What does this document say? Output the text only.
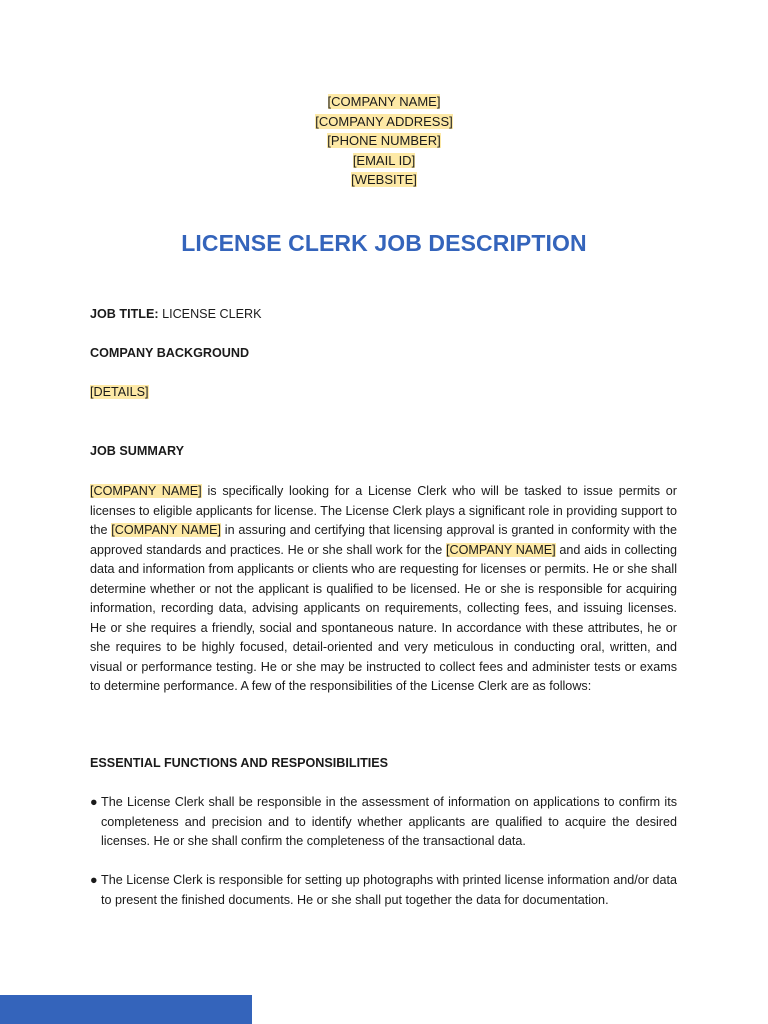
[COMPANY NAME]
[COMPANY ADDRESS]
[PHONE NUMBER]
[EMAIL ID]
[WEBSITE]
LICENSE CLERK JOB DESCRIPTION
JOB TITLE: LICENSE CLERK
COMPANY BACKGROUND
[DETAILS]
JOB SUMMARY

[COMPANY NAME] is specifically looking for a License Clerk who will be tasked to issue permits or licenses to eligible applicants for license. The License Clerk plays a significant role in providing support to the [COMPANY NAME] in assuring and certifying that licensing approval is granted in conformity with the approved standards and practices. He or she shall work for the [COMPANY NAME] and aids in collecting data and information from applicants or clients who are requesting for licenses or permits. He or she shall determine whether or not the applicant is qualified to be licensed. He or she is responsible for acquiring information, recording data, advising applicants on requirements, collecting fees, and issuing licenses. He or she requires a friendly, social and spontaneous nature. In accordance with these attributes, he or she requires to be highly focused, detail-oriented and very meticulous in conducting oral, written, and visual or performance testing. He or she may be instructed to collect fees and administer tests or exams to determine performance. A few of the responsibilities of the License Clerk are as follows:

ESSENTIAL FUNCTIONS AND RESPONSIBILITIES
● The License Clerk shall be responsible in the assessment of information on applications to confirm its completeness and precision and to identify whether applicants are qualified to acquire the desired licenses. He or she shall confirm the completeness of the transactional data.
● The License Clerk is responsible for setting up photographs with printed license information and/or data to present the finished documents. He or she shall put together the data for documentation.
